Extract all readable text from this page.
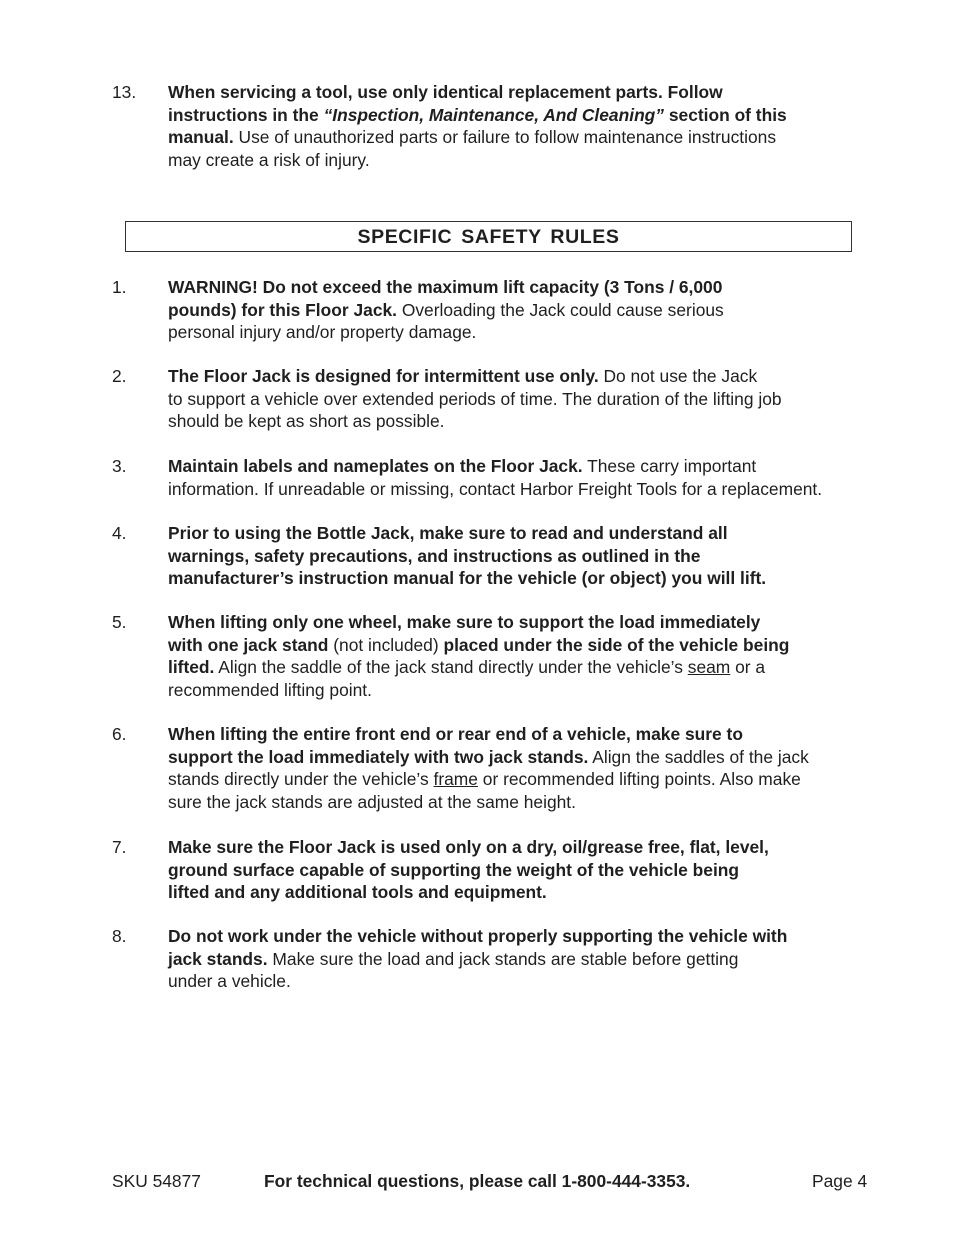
13. When servicing a tool, use only identical replacement parts. Follow
instructions in the “Inspection, Maintenance, And Cleaning” section of this
manual. Use of unauthorized parts or failure to follow maintenance instructions
may create a risk of injury.
SPECIFIC SAFETY RULES
1. WARNING! Do not exceed the maximum lift capacity (3 Tons / 6,000
pounds) for this Floor Jack. Overloading the Jack could cause serious
personal injury and/or property damage.
2. The Floor Jack is designed for intermittent use only. Do not use the Jack
to support a vehicle over extended periods of time. The duration of the lifting job
should be kept as short as possible.
3. Maintain labels and nameplates on the Floor Jack. These carry important
information. If unreadable or missing, contact Harbor Freight Tools for a replacement.
4. Prior to using the Bottle Jack, make sure to read and understand all
warnings, safety precautions, and instructions as outlined in the
manufacturer’s instruction manual for the vehicle (or object) you will lift.
5. When lifting only one wheel, make sure to support the load immediately
with one jack stand (not included) placed under the side of the vehicle being
lifted. Align the saddle of the jack stand directly under the vehicle’s seam or a
recommended lifting point.
6. When lifting the entire front end or rear end of a vehicle, make sure to
support the load immediately with two jack stands. Align the saddles of the jack
stands directly under the vehicle’s frame or recommended lifting points. Also make
sure the jack stands are adjusted at the same height.
7. Make sure the Floor Jack is used only on a dry, oil/grease free, flat, level,
ground surface capable of supporting the weight of the vehicle being
lifted and any additional tools and equipment.
8. Do not work under the vehicle without properly supporting the vehicle with
jack stands. Make sure the load and jack stands are stable before getting
under a vehicle.
SKU 54877	For technical questions, please call 1-800-444-3353.	Page 4
